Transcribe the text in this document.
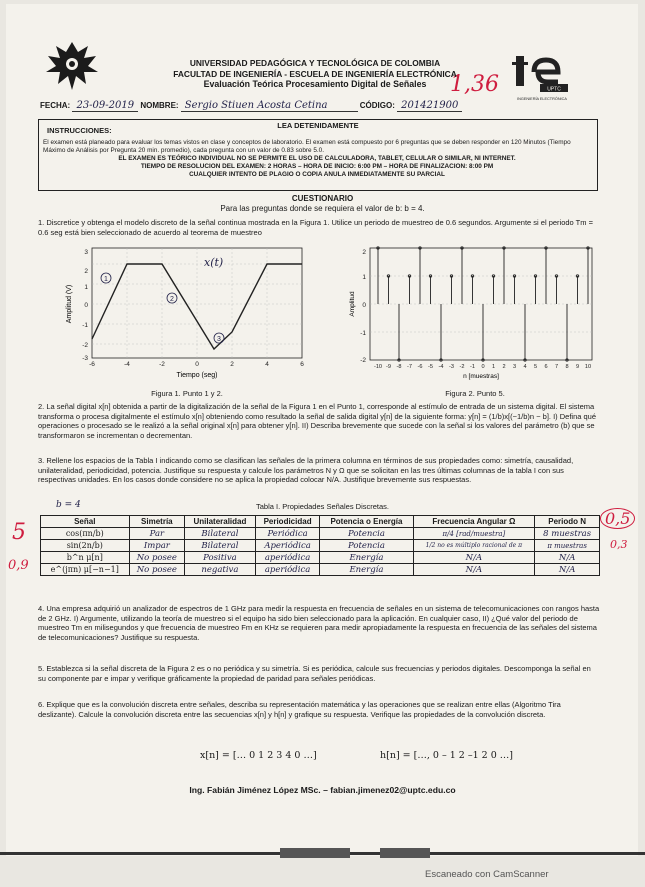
UPTC
INGENIERÍA ELECTRÓNICA
1,36
UNIVERSIDAD PEDAGÓGICA Y TECNOLÓGICA DE COLOMBIA
FACULTAD DE INGENIERÍA - ESCUELA DE INGENIERÍA ELECTRÓNICA
Evaluación Teórica Procesamiento Digital de Señales
FECHA: 23-09-2019 NOMBRE: Sergio Stiuen Acosta Cetina	CÓDIGO: 201421900
LEA DETENIDAMENTE
INSTRUCCIONES:
El examen está planeado para evaluar los temas vistos en clase y conceptos de laboratorio. El examen está compuesto por 6 preguntas que se deben responder en 120 Minutos (Tiempo Máximo de Análisis por Pregunta 20 min. promedio), cada pregunta con un valor de 0.83 sobre 5.0.
EL EXAMEN ES TEÓRICO INDIVIDUAL NO SE PERMITE EL USO DE CALCULADORA, TABLET, CELULAR O SIMILAR, NI INTERNET.
TIEMPO DE RESOLUCION DEL EXAMEN: 2 HORAS – HORA DE INICIO: 6:00 PM – HORA DE FINALIZACION: 8:00 PM
CUALQUIER INTENTO DE PLAGIO O COPIA ANULA INMEDIATAMENTE SU PARCIAL
CUESTIONARIO
Para las preguntas donde se requiera el valor de b: b = 4.
1. Discretice y obtenga el modelo discreto de la señal continua mostrada en la Figura 1. Utilice un periodo de muestreo de 0.6 segundos. Argumente si el periodo Tm = 0.6 seg está bien seleccionado de acuerdo al teorema de muestreo
-6	-4	-2	0	2	4	6
3
2
1
0
-1
-2
-3
Tiempo (seg)
Amplitud (V)
x(t)
1
2
3
Figura 1. Punto 1 y 2.
-10 -9 -8 -7 -6 -5 -4 -3 -2 -1 0 1 2 3 4 5 6 7 8 9 10
2
1
0
-1
-2
n [muestras]
Amplitud
Figura 2. Punto 5.
2. La señal digital x[n] obtenida a partir de la digitalización de la señal de la Figura 1 en el Punto 1, corresponde al estímulo de entrada de un sistema digital. El sistema transforma o procesa digitalmente el estímulo x[n] obteniendo como resultado la señal de salida digital y[n] de la siguiente forma: y[n] = (1/b)x[(−1/b)n − b]. I) Defina qué operaciones o procesado se le realizó a la señal original x[n] para obtener y[n]. II) Describa brevemente que sucede con la señal si los valores del parámetro (b) que se transformaron se incrementan o decrementan.
3. Rellene los espacios de la Tabla I indicando como se clasifican las señales de la primera columna en términos de sus propiedades como: simetría, causalidad, unilateralidad, periodicidad, potencia. Justifique su respuesta y calcule los parámetros N y Ω que se solicitan en las tres últimas columnas de la tabla I con sus respectivas unidades. En los casos donde considere no se aplica la propiedad colocar N/A. Justifique brevemente sus respuestas.
b = 4	Tabla I. Propiedades Señales Discretas.
Señal	Simetría	Unilateralidad	Periodicidad	Potencia o Energía	Frecuencia Angular Ω	Periodo N
cos(πn/b)	Par	Bilateral	Periódica	Potencia	π/4 [rad/muestra]	8 muestras
sin(2n/b)	Impar	Bilateral	Aperiódica	Potencia	1/2 no es múltiplo racional de π	π muestras
b^n μ[n]	No posee	Positiva	aperiódica	Energía	N/A	N/A
e^(jπn) μ[−n−1]	No posee	negativa	aperiódica	Energía	N/A	N/A
5
0,9
0,5
0,3
4. Una empresa adquirió un analizador de espectros de 1 GHz para medir la respuesta en frecuencia de señales en un sistema de telecomunicaciones con rangos hasta de 2 GHz. I) Argumente, utilizando la teoría de muestreo si el equipo ha sido bien seleccionado para la aplicación. En cualquier caso, II) ¿Qué valor del periodo de muestreo Tm en milisegundos y que frecuencia de muestreo Fm en KHz se requieren para medir apropiadamente la respuesta en frecuencia de las señales del sistema de telecomunicaciones? Justifique su respuesta.
5. Establezca si la señal discreta de la Figura 2 es o no periódica y su simetría. Si es periódica, calcule sus frecuencias y periodos digitales. Descomponga la señal en su componente par e impar y verifique gráficamente la propiedad de paridad para señales periódicas.
6. Explique que es la convolución discreta entre señales, describa su representación matemática y las operaciones que se realizan entre ellas (Algoritmo Tira deslizante). Calcule la convolución discreta entre las secuencias x[n] y h[n] y grafique su respuesta. Verifique las propiedades de la convolución discreta.
x[n] = [… 0 1 2 3 4 0 …]	h[n] = […, 0 – 1 2 –1 2 0 …]
Ing. Fabián Jiménez López MSc. – fabian.jimenez02@uptc.edu.co
Escaneado con CamScanner
